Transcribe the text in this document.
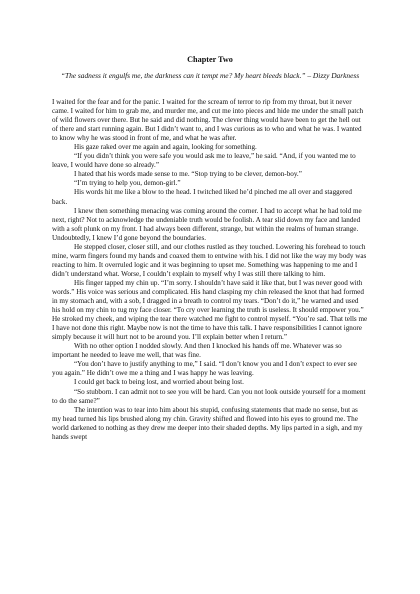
Chapter Two
“The sadness it engulfs me, the darkness can it tempt me? My heart bleeds black.” – Dizzy Darkness

I waited for the fear and for the panic. I waited for the scream of terror to rip from my throat, but it never came. I waited for him to grab me, and murder me, and cut me into pieces and hide me under the small patch of wild flowers over there. But he said and did nothing. The clever thing would have been to get the hell out of there and start running again. But I didn’t want to, and I was curious as to who and what he was. I wanted to know why he was stood in front of me, and what he was after.

His gaze raked over me again and again, looking for something.

“If you didn’t think you were safe you would ask me to leave,” he said. “And, if you wanted me to leave, I would have done so already.”

I hated that his words made sense to me. “Stop trying to be clever, demon-boy.”

“I’m trying to help you, demon-girl.”

His words hit me like a blow to the head. I twitched liked he’d pinched me all over and staggered back.

I knew then something menacing was coming around the corner. I had to accept what he had told me next, right? Not to acknowledge the undeniable truth would be foolish. A tear slid down my face and landed with a soft plunk on my front. I had always been different, strange, but within the realms of human strange. Undoubtedly, I knew I’d gone beyond the boundaries.

He stepped closer, closer still, and our clothes rustled as they touched. Lowering his forehead to touch mine, warm fingers found my hands and coaxed them to entwine with his. I did not like the way my body was reacting to him. It overruled logic and it was beginning to upset me. Something was happening to me and I didn’t understand what. Worse, I couldn’t explain to myself why I was still there talking to him.

His finger tapped my chin up. “I’m sorry. I shouldn’t have said it like that, but I was never good with words.” His voice was serious and complicated. His hand clasping my chin released the knot that had formed in my stomach and, with a sob, I dragged in a breath to control my tears. “Don’t do it,” he warned and used his hold on my chin to tug my face closer. “To cry over learning the truth is useless. It should empower you.” He stroked my cheek, and wiping the tear there watched me fight to control myself. “You’re sad. That tells me I have not done this right. Maybe now is not the time to have this talk. I have responsibilities I cannot ignore simply because it will hurt not to be around you. I’ll explain better when I return.”

With no other option I nodded slowly. And then I knocked his hands off me. Whatever was so important he needed to leave me well, that was fine.

“You don’t have to justify anything to me,” I said. “I don’t know you and I don’t expect to ever see you again.” He didn’t owe me a thing and I was happy he was leaving.

I could get back to being lost, and worried about being lost.

“So stubborn. I can admit not to see you will be hard. Can you not look outside yourself for a moment to do the same?”

The intention was to tear into him about his stupid, confusing statements that made no sense, but as my head turned his lips brushed along my chin. Gravity shifted and flowed into his eyes to ground me. The world darkened to nothing as they drew me deeper into their shaded depths. My lips parted in a sigh, and my hands swept
